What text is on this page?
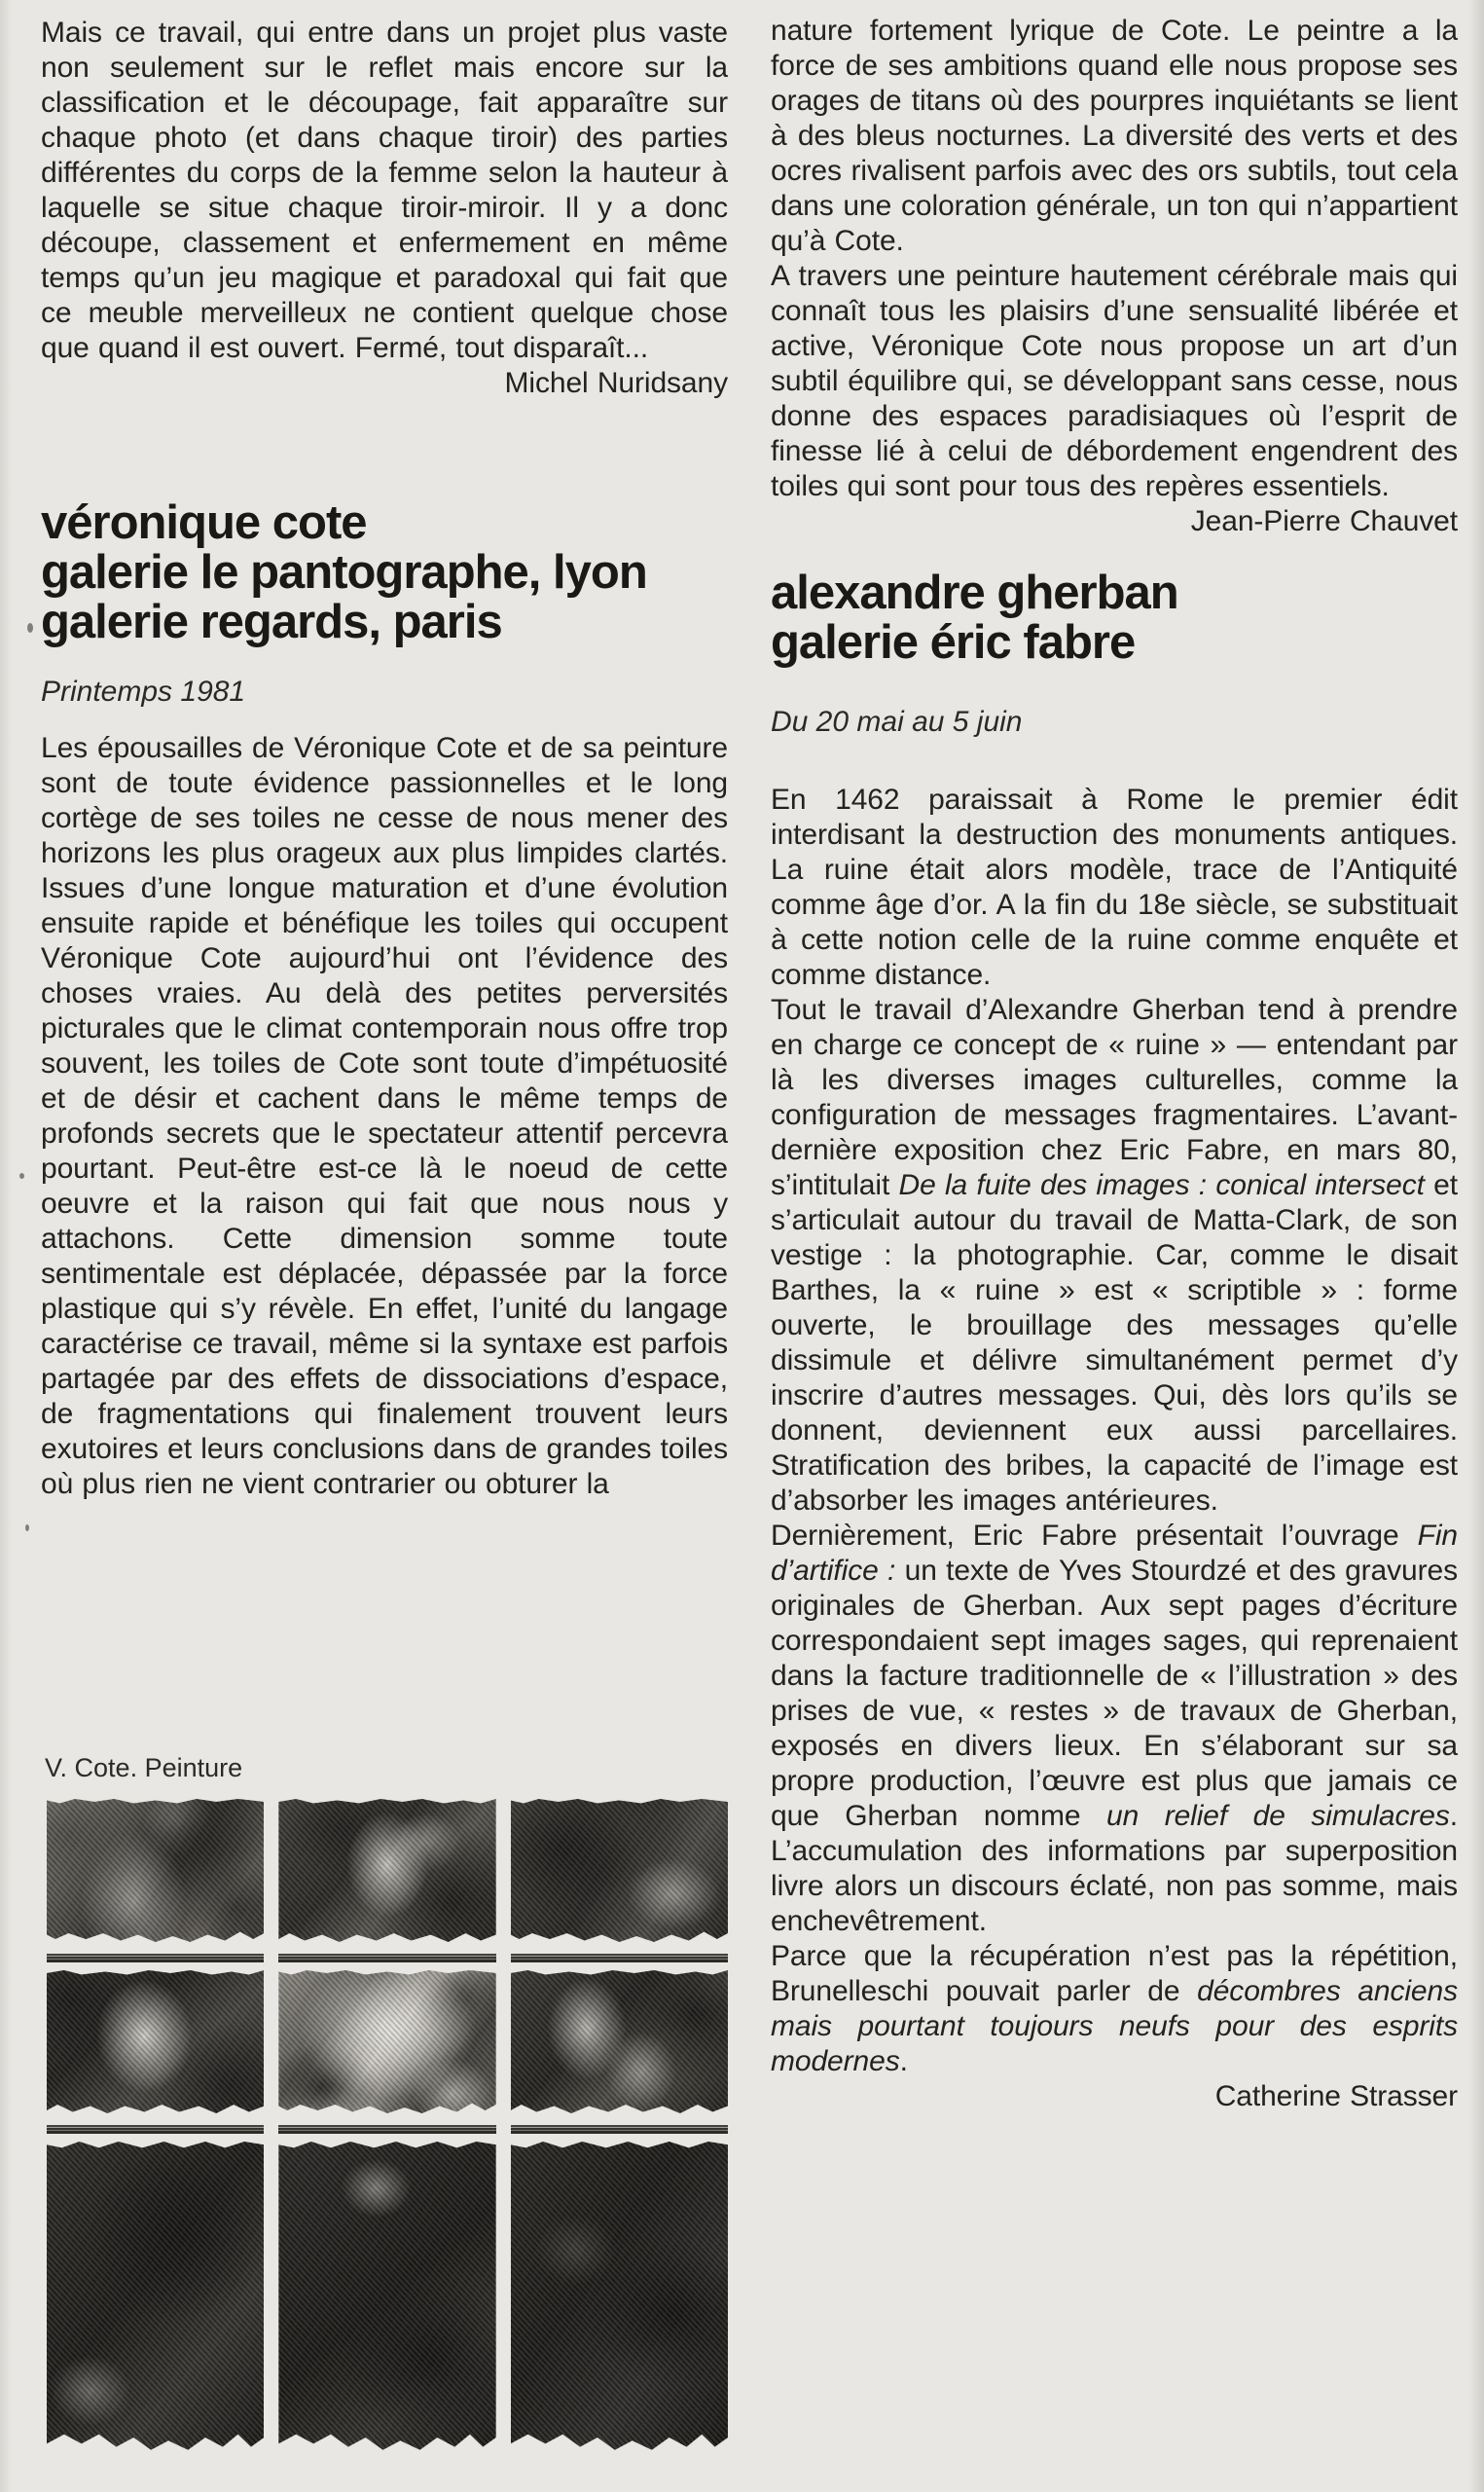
Mais ce travail, qui entre dans un projet plus vaste non seulement sur le reflet mais encore sur la classification et le découpage, fait apparaître sur chaque photo (et dans chaque tiroir) des parties différentes du corps de la femme selon la hauteur à laquelle se situe chaque tiroir-miroir. Il y a donc découpe, classement et enfermement en même temps qu’un jeu magique et paradoxal qui fait que ce meuble merveilleux ne contient quelque chose que quand il est ouvert. Fermé, tout disparaît...

Michel Nuridsany

véronique cote
galerie le pantographe, lyon
galerie regards, paris

Printemps 1981

Les épousailles de Véronique Cote et de sa peinture sont de toute évidence passionnelles et le long cortège de ses toiles ne cesse de nous mener des horizons les plus orageux aux plus limpides clartés. Issues d’une longue maturation et d’une évolution ensuite rapide et bénéfique les toiles qui occupent Véronique Cote aujourd’hui ont l’évidence des choses vraies. Au delà des petites perversités picturales que le climat contemporain nous offre trop souvent, les toiles de Cote sont toute d’impétuosité et de désir et cachent dans le même temps de profonds secrets que le spectateur attentif percevra pourtant. Peut-être est-ce là le noeud de cette oeuvre et la raison qui fait que nous nous y attachons. Cette dimension somme toute sentimentale est déplacée, dépassée par la force plastique qui s’y révèle. En effet, l’unité du langage caractérise ce travail, même si la syntaxe est parfois partagée par des effets de dissociations d’espace, de fragmentations qui finalement trouvent leurs exutoires et leurs conclusions dans de grandes toiles où plus rien ne vient contrarier ou obturer la

V. Cote. Peinture

nature fortement lyrique de Cote. Le peintre a la force de ses ambitions quand elle nous propose ses orages de titans où des pourpres inquiétants se lient à des bleus nocturnes. La diversité des verts et des ocres rivalisent parfois avec des ors subtils, tout cela dans une coloration générale, un ton qui n’appartient qu’à Cote.

A travers une peinture hautement cérébrale mais qui connaît tous les plaisirs d’une sensualité libérée et active, Véronique Cote nous propose un art d’un subtil équilibre qui, se développant sans cesse, nous donne des espaces paradisiaques où l’esprit de finesse lié à celui de débordement engendrent des toiles qui sont pour tous des repères essentiels.

Jean-Pierre Chauvet

alexandre gherban
galerie éric fabre

Du 20 mai au 5 juin

En 1462 paraissait à Rome le premier édit interdisant la destruction des monuments antiques. La ruine était alors modèle, trace de l’Antiquité comme âge d’or. A la fin du 18e siècle, se substituait à cette notion celle de la ruine comme enquête et comme distance.

Tout le travail d’Alexandre Gherban tend à prendre en charge ce concept de « ruine » — entendant par là les diverses images culturelles, comme la configuration de messages fragmentaires. L’avant-dernière exposition chez Eric Fabre, en mars 80, s’intitulait De la fuite des images : conical intersect et s’articulait autour du travail de Matta-Clark, de son vestige : la photographie. Car, comme le disait Barthes, la « ruine » est « scriptible » : forme ouverte, le brouillage des messages qu’elle dissimule et délivre simultanément permet d’y inscrire d’autres messages. Qui, dès lors qu’ils se donnent, deviennent eux aussi parcellaires. Stratification des bribes, la capacité de l’image est d’absorber les images antérieures.

Dernièrement, Eric Fabre présentait l’ouvrage Fin d’artifice : un texte de Yves Stourdzé et des gravures originales de Gherban. Aux sept pages d’écriture correspondaient sept images sages, qui reprenaient dans la facture traditionnelle de « l’illustration » des prises de vue, « restes » de travaux de Gherban, exposés en divers lieux. En s’élaborant sur sa propre production, l’œuvre est plus que jamais ce que Gherban nomme un relief de simulacres. L’accumulation des informations par superposition livre alors un discours éclaté, non pas somme, mais enchevêtrement.

Parce que la récupération n’est pas la répétition, Brunelleschi pouvait parler de décombres anciens mais pourtant toujours neufs pour des esprits modernes.

Catherine Strasser
